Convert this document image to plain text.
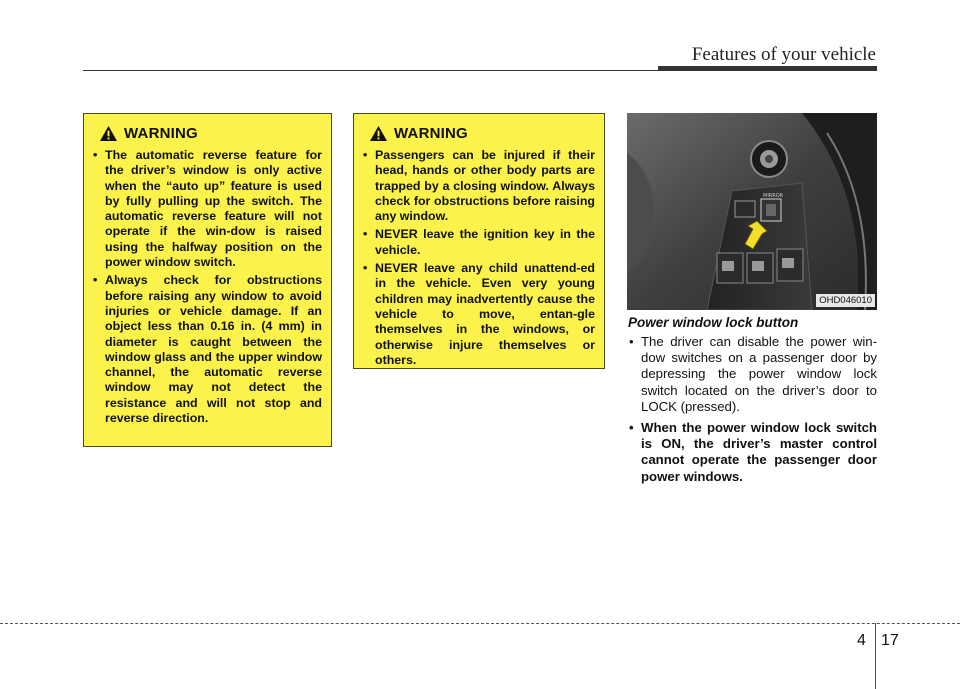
Features of your vehicle
WARNING
• The automatic reverse feature for the driver’s window is only active when the “auto up” feature is used by fully pulling up the switch. The automatic reverse feature will not operate if the win-dow is raised using the halfway position on the power window switch.
• Always check for obstructions before raising any window to avoid injuries or vehicle damage. If an object less than 0.16 in. (4 mm) in diameter is caught between the window glass and the upper window channel, the automatic reverse window may not detect the resistance and will not stop and reverse direction.
WARNING
• Passengers can be injured if their head, hands or other body parts are trapped by a closing window. Always check for obstructions before raising any window.
• NEVER leave the ignition key in the vehicle.
• NEVER leave any child unattend-ed in the vehicle. Even very young children may inadvertently cause the vehicle to move, entan-gle themselves in the windows, or otherwise injure themselves or others.
MIRROR
OHD046010
Power window lock button
• The driver can disable the power win-dow switches on a passenger door by depressing the power window lock switch located on the driver’s door to LOCK (pressed).
• When the power window lock switch is ON, the driver’s master control cannot operate the passenger door power windows.
4 17
